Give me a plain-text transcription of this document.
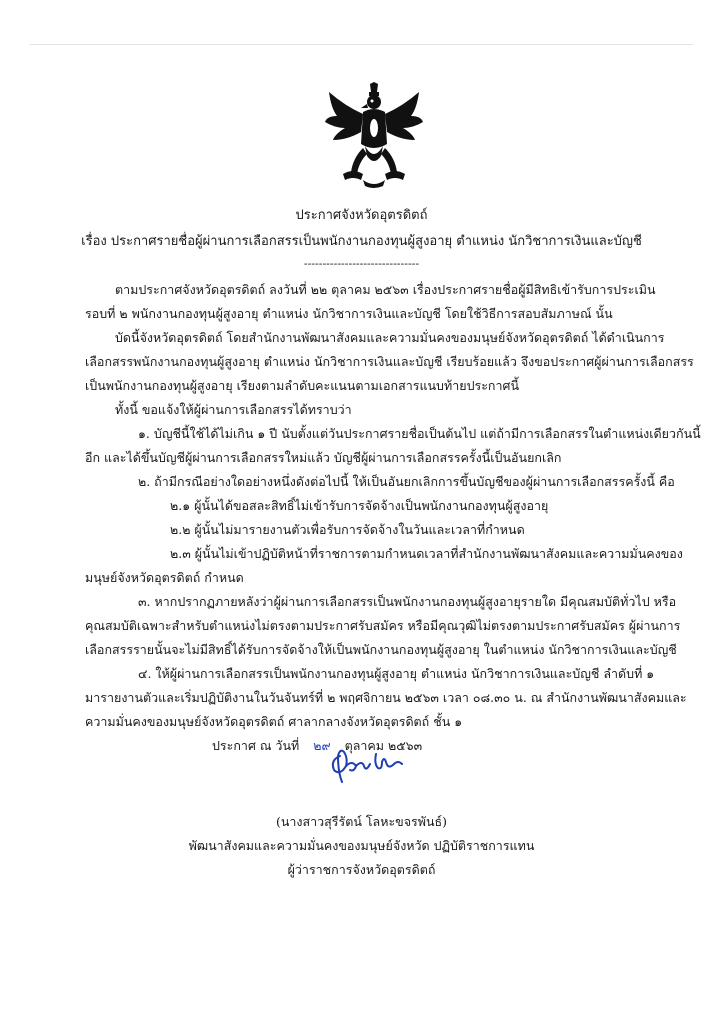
ประกาศจังหวัดอุตรดิตถ์
เรื่อง ประกาศรายชื่อผู้ผ่านการเลือกสรรเป็นพนักงานกองทุนผู้สูงอายุ ตำแหน่ง นักวิชาการเงินและบัญชี
-------------------------------
ตามประกาศจังหวัดอุตรดิตถ์ ลงวันที่ ๒๒ ตุลาคม ๒๕๖๓ เรื่องประกาศรายชื่อผู้มีสิทธิเข้ารับการประเมิน
รอบที่ ๒ พนักงานกองทุนผู้สูงอายุ ตำแหน่ง นักวิชาการเงินและบัญชี โดยใช้วิธีการสอบสัมภาษณ์ นั้น
บัดนี้จังหวัดอุตรดิตถ์ โดยสำนักงานพัฒนาสังคมและความมั่นคงของมนุษย์จังหวัดอุตรดิตถ์ ได้ดำเนินการ
เลือกสรรพนักงานกองทุนผู้สูงอายุ ตำแหน่ง นักวิชาการเงินและบัญชี เรียบร้อยแล้ว จึงขอประกาศผู้ผ่านการเลือกสรร
เป็นพนักงานกองทุนผู้สูงอายุ เรียงตามลำดับคะแนนตามเอกสารแนบท้ายประกาศนี้
ทั้งนี้ ขอแจ้งให้ผู้ผ่านการเลือกสรรได้ทราบว่า
๑. บัญชีนี้ใช้ได้ไม่เกิน ๑ ปี นับตั้งแต่วันประกาศรายชื่อเป็นต้นไป แต่ถ้ามีการเลือกสรรในตำแหน่งเดียวกันนี้
อีก และได้ขึ้นบัญชีผู้ผ่านการเลือกสรรใหม่แล้ว บัญชีผู้ผ่านการเลือกสรรครั้งนี้เป็นอันยกเลิก
๒. ถ้ามีกรณีอย่างใดอย่างหนึ่งดังต่อไปนี้ ให้เป็นอันยกเลิกการขึ้นบัญชีของผู้ผ่านการเลือกสรรครั้งนี้ คือ
๒.๑ ผู้นั้นได้ขอสละสิทธิ์ไม่เข้ารับการจัดจ้างเป็นพนักงานกองทุนผู้สูงอายุ
๒.๒ ผู้นั้นไม่มารายงานตัวเพื่อรับการจัดจ้างในวันและเวลาที่กำหนด
๒.๓ ผู้นั้นไม่เข้าปฏิบัติหน้าที่ราชการตามกำหนดเวลาที่สำนักงานพัฒนาสังคมและความมั่นคงของ
มนุษย์จังหวัดอุตรดิตถ์ กำหนด
๓. หากปรากฏภายหลังว่าผู้ผ่านการเลือกสรรเป็นพนักงานกองทุนผู้สูงอายุรายใด มีคุณสมบัติทั่วไป หรือ
คุณสมบัติเฉพาะสำหรับตำแหน่งไม่ตรงตามประกาศรับสมัคร หรือมีคุณวุฒิไม่ตรงตามประกาศรับสมัคร ผู้ผ่านการ
เลือกสรรรายนั้นจะไม่มีสิทธิ์ได้รับการจัดจ้างให้เป็นพนักงานกองทุนผู้สูงอายุ ในตำแหน่ง นักวิชาการเงินและบัญชี
๔. ให้ผู้ผ่านการเลือกสรรเป็นพนักงานกองทุนผู้สูงอายุ ตำแหน่ง นักวิชาการเงินและบัญชี ลำดับที่ ๑
มารายงานตัวและเริ่มปฏิบัติงานในวันจันทร์ที่ ๒ พฤศจิกายน ๒๕๖๓ เวลา ๐๘.๓๐ น. ณ สำนักงานพัฒนาสังคมและ
ความมั่นคงของมนุษย์จังหวัดอุตรดิตถ์ ศาลากลางจังหวัดอุตรดิตถ์ ชั้น ๑
ประกาศ ณ วันที่ ๒๙ ตุลาคม ๒๕๖๓
(นางสาวสุรีรัตน์ โลหะขจรพันธ์)
พัฒนาสังคมและความมั่นคงของมนุษย์จังหวัด ปฏิบัติราชการแทน
ผู้ว่าราชการจังหวัดอุตรดิตถ์
